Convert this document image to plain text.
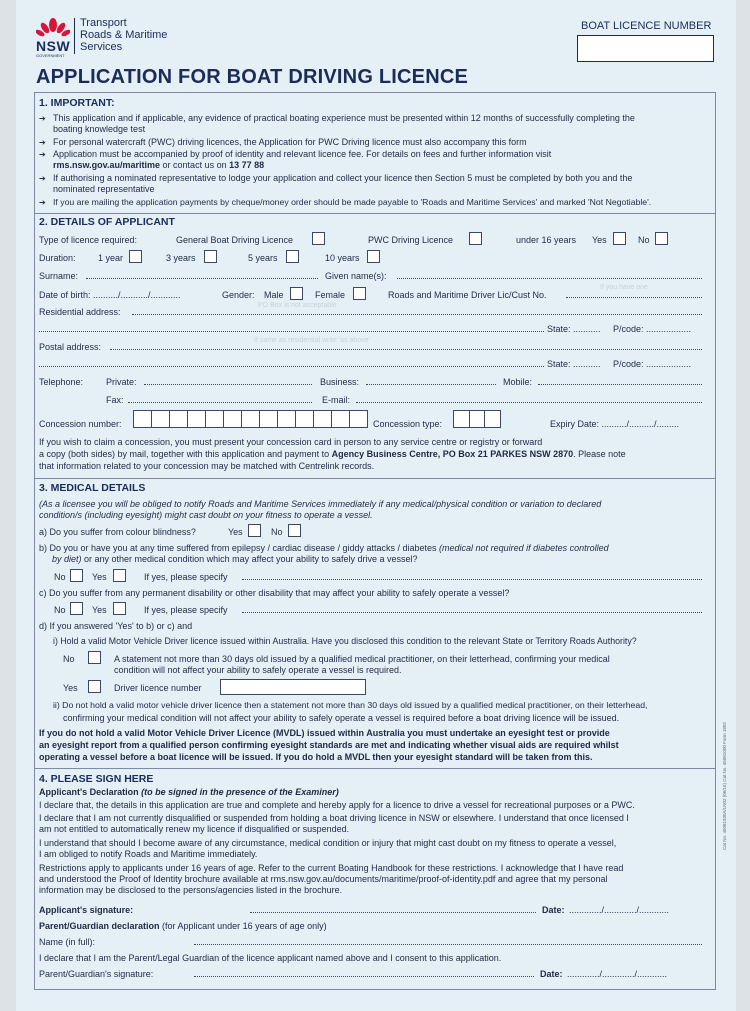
NSW
GOVERNMENT
Transport
Roads & Maritime
Services
BOAT LICENCE NUMBER
APPLICATION FOR BOAT DRIVING LICENCE
1. IMPORTANT:
➔ This application and if applicable, any evidence of practical boating experience must be presented within 12 months of successfully completing the
boating knowledge test
➔ For personal watercraft (PWC) driving licences, the Application for PWC Driving licence must also accompany this form
➔ Application must be accompanied by proof of identity and relevant licence fee. For details on fees and further information visit
rms.nsw.gov.au/maritime or contact us on 13 77 88
➔ If authorising a nominated representative to lodge your application and collect your licence then Section 5 must be completed by both you and the
nominated representative
➔ If you are mailing the application payments by cheque/money order should be made payable to 'Roads and Maritime Services' and marked 'Not Negotiable'.
2. DETAILS OF APPLICANT
Type of licence required:	General Boat Driving Licence	PWC Driving Licence	under 16 years Yes	No
Duration: 1 year	3 years	5 years	10 years
Surname:	Given name(s):
Date of birth: ........../.........../............	Gender: Male	Female	Roads and Maritime Driver Lic/Cust No.
If you have one
Residential address:
PO Box is not acceptable
State: ........... P/code: ..................
Postal address:
If same as residential write 'as above'
State: ........... P/code: ..................
Telephone:	Private:	Business:	Mobile:
Fax:	E-mail:
Concession number:	Concession type:	Expiry Date: ........../........../.........
If you wish to claim a concession, you must present your concession card in person to any service centre or registry or forward
a copy (both sides) by mail, together with this application and payment to Agency Business Centre, PO Box 21 PARKES NSW 2870. Please note
that information related to your concession may be matched with Centrelink records.
3. MEDICAL DETAILS
(As a licensee you will be obliged to notify Roads and Maritime Services immediately if any medical/physical condition or variation to declared
condition/s (including eyesight) might cast doubt on your fitness to operate a vessel.
a) Do you suffer from colour blindness?	Yes	No
b) Do you or have you at any time suffered from epilepsy / cardiac disease / giddy attacks / diabetes (medical not required if diabetes controlled
by diet) or any other medical condition which may affect your ability to safely drive a vessel?
No	Yes	If yes, please specify
c) Do you suffer from any permanent disability or other disability that may affect your ability to safely operate a vessel?
No	Yes	If yes, please specify
d) If you answered 'Yes' to b) or c) and
i) Hold a valid Motor Vehicle Driver licence issued within Australia. Have you disclosed this condition to the relevant State or Territory Roads Authority?
No	A statement not more than 30 days old issued by a qualified medical practitioner, on their letterhead, confirming your medical
condition will not affect your ability to safely operate a vessel is required.
Yes	Driver licence number
ii) Do not hold a valid motor vehicle driver licence then a statement not more than 30 days old issued by a qualified medical practitioner, on their letterhead,
confirming your medical condition will not affect your ability to safely operate a vessel is required before a boat driving licence will be issued.
If you do not hold a valid Motor Vehicle Driver Licence (MVDL) issued within Australia you must undertake an eyesight test or provide
an eyesight report from a qualified person confirming eyesight standards are met and indicating whether visual aids are required whilst
operating a vessel before a boat licence will be issued. If you do hold a MVDL then your eyesight standard will be taken from this.
4. PLEASE SIGN HERE
Applicant's Declaration (to be signed in the presence of the Examiner)
I declare that, the details in this application are true and complete and hereby apply for a licence to drive a vessel for recreational purposes or a PWC.
I declare that I am not currently disqualified or suspended from holding a boat driving licence in NSW or elsewhere. I understand that once licensed I
am not entitled to automatically renew my licence if disqualified or suspended.
I understand that should I become aware of any circumstance, medical condition or injury that might cast doubt on my fitness to operate a vessel,
I am obliged to notify Roads and Maritime immediately.
Restrictions apply to applicants under 16 years of age. Refer to the current Boating Handbook for these restrictions. I acknowledge that I have read
and understood the Proof of Identity brochure available at rms.nsw.gov.au/documents/maritime/proof-of-identity.pdf and agree that my personal
information may be disclosed to the persons/agencies listed in the brochure.
Applicant's signature:	Date: ............./............./............
Parent/Guardian declaration (for Applicant under 16 years of age only)
Name (in full):
I declare that I am the Parent/Legal Guardian of the licence applicant named above and I consent to this application.
Parent/Guardian's signature:	Date: ............./............./............
Cat No. 45081930A/LN02 (06/16) Cat No. 45081000 Form 1802
